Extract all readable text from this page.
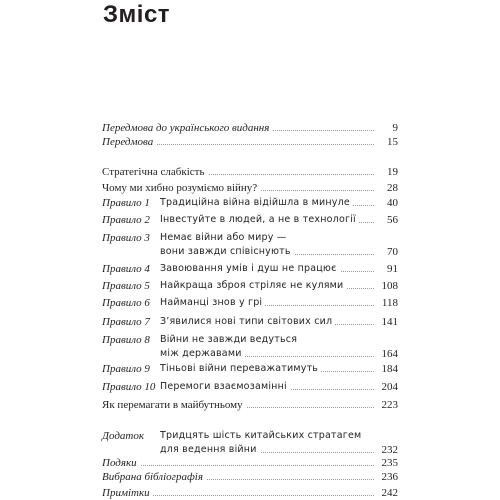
Зміст
Передмова до українського видання	9
Передмова	15
Стратегічна слабкість	19
Чому ми хибно розуміємо війну?	28
Правило 1 Традиційна війна відійшла в минуле	40
Правило 2 Інвестуйте в людей, а не в технології	56
Правило 3 Немає війни або миру —
вони завжди співіснують	70
Правило 4 Завоювання умів і душ не працює	91
Правило 5 Найкраща зброя стріляє не кулями	108
Правило 6 Найманці знов у грі	118
Правило 7 З’явилися нові типи світових сил	141
Правило 8 Війни не завжди ведуться
між державами	164
Правило 9 Тіньові війни переважатимуть	184
Правило 10 Перемоги взаємозамінні	204
Як перемагати в майбутньому	223
Додаток Тридцять шість китайських стратагем
для ведення війни	232
Подяки	235
Вибрана бібліографія	236
Примітки	242
